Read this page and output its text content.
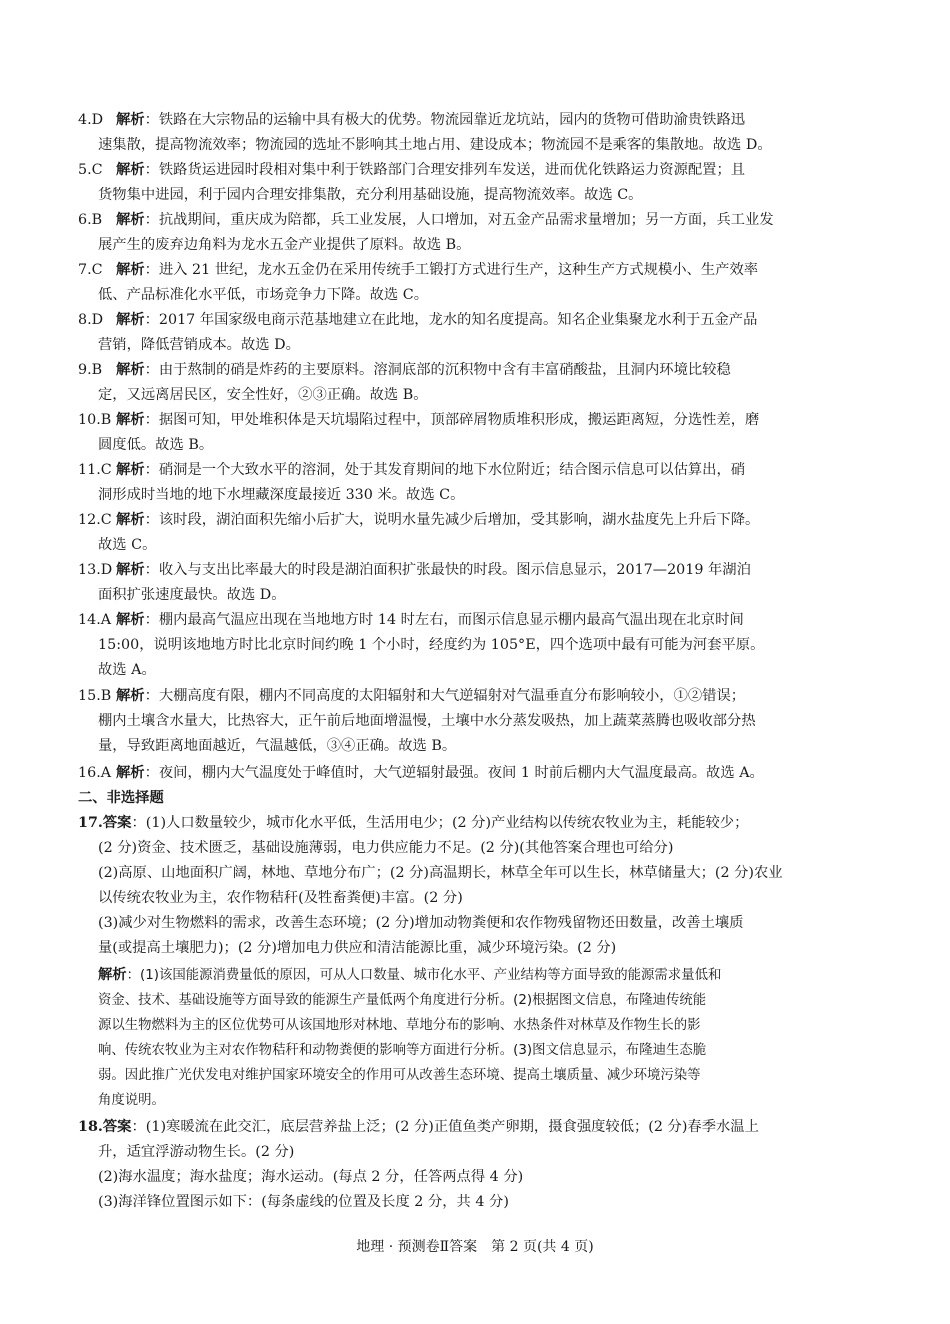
4.D 解析：铁路在大宗物品的运输中具有极大的优势。物流园靠近龙坑站，园内的货物可借助渝贵铁路迅
速集散，提高物流效率；物流园的选址不影响其土地占用、建设成本；物流园不是乘客的集散地。故选 D。
5.C 解析：铁路货运进园时段相对集中利于铁路部门合理安排列车发送，进而优化铁路运力资源配置；且
货物集中进园，利于园内合理安排集散，充分利用基础设施，提高物流效率。故选 C。
6.B 解析：抗战期间，重庆成为陪都，兵工业发展，人口增加，对五金产品需求量增加；另一方面，兵工业发
展产生的废弃边角料为龙水五金产业提供了原料。故选 B。
7.C 解析：进入 21 世纪，龙水五金仍在采用传统手工锻打方式进行生产，这种生产方式规模小、生产效率
低、产品标准化水平低，市场竞争力下降。故选 C。
8.D 解析：2017 年国家级电商示范基地建立在此地，龙水的知名度提高。知名企业集聚龙水利于五金产品
营销，降低营销成本。故选 D。
9.B 解析：由于熬制的硝是炸药的主要原料。溶洞底部的沉积物中含有丰富硝酸盐，且洞内环境比较稳
定，又远离居民区，安全性好，②③正确。故选 B。
10.B 解析：据图可知，甲处堆积体是天坑塌陷过程中，顶部碎屑物质堆积形成，搬运距离短，分选性差，磨
圆度低。故选 B。
11.C 解析：硝洞是一个大致水平的溶洞，处于其发育期间的地下水位附近；结合图示信息可以估算出，硝
洞形成时当地的地下水埋藏深度最接近 330 米。故选 C。
12.C 解析：该时段，湖泊面积先缩小后扩大，说明水量先减少后增加，受其影响，湖水盐度先上升后下降。
故选 C。
13.D 解析：收入与支出比率最大的时段是湖泊面积扩张最快的时段。图示信息显示，2017—2019 年湖泊
面积扩张速度最快。故选 D。
14.A 解析：棚内最高气温应出现在当地地方时 14 时左右，而图示信息显示棚内最高气温出现在北京时间
15:00，说明该地地方时比北京时间约晚 1 个小时，经度约为 105°E，四个选项中最有可能为河套平原。
故选 A。
15.B 解析：大棚高度有限，棚内不同高度的太阳辐射和大气逆辐射对气温垂直分布影响较小，①②错误；
棚内土壤含水量大，比热容大，正午前后地面增温慢，土壤中水分蒸发吸热，加上蔬菜蒸腾也吸收部分热
量，导致距离地面越近，气温越低，③④正确。故选 B。
16.A 解析：夜间，棚内大气温度处于峰值时，大气逆辐射最强。夜间 1 时前后棚内大气温度最高。故选 A。
二、非选择题
17.答案：(1)人口数量较少，城市化水平低，生活用电少；(2 分)产业结构以传统农牧业为主，耗能较少；
(2 分)资金、技术匮乏，基础设施薄弱，电力供应能力不足。(2 分)(其他答案合理也可给分)
(2)高原、山地面积广阔，林地、草地分布广；(2 分)高温期长，林草全年可以生长，林草储量大；(2 分)农业
以传统农牧业为主，农作物秸秆(及牲畜粪便)丰富。(2 分)
(3)减少对生物燃料的需求，改善生态环境；(2 分)增加动物粪便和农作物残留物还田数量，改善土壤质
量(或提高土壤肥力)；(2 分)增加电力供应和清洁能源比重，减少环境污染。(2 分)
解析：(1)该国能源消费量低的原因，可从人口数量、城市化水平、产业结构等方面导致的能源需求量低和
资金、技术、基础设施等方面导致的能源生产量低两个角度进行分析。(2)根据图文信息，布隆迪传统能
源以生物燃料为主的区位优势可从该国地形对林地、草地分布的影响、水热条件对林草及作物生长的影
响、传统农牧业为主对农作物秸秆和动物粪便的影响等方面进行分析。(3)图文信息显示，布隆迪生态脆
弱。因此推广光伏发电对维护国家环境安全的作用可从改善生态环境、提高土壤质量、减少环境污染等
角度说明。
18.答案：(1)寒暖流在此交汇，底层营养盐上泛；(2 分)正值鱼类产卵期，摄食强度较低；(2 分)春季水温上
升，适宜浮游动物生长。(2 分)
(2)海水温度；海水盐度；海水运动。(每点 2 分，任答两点得 4 分)
(3)海洋锋位置图示如下：(每条虚线的位置及长度 2 分，共 4 分)
地理 · 预测卷Ⅱ答案　第 2 页(共 4 页)
